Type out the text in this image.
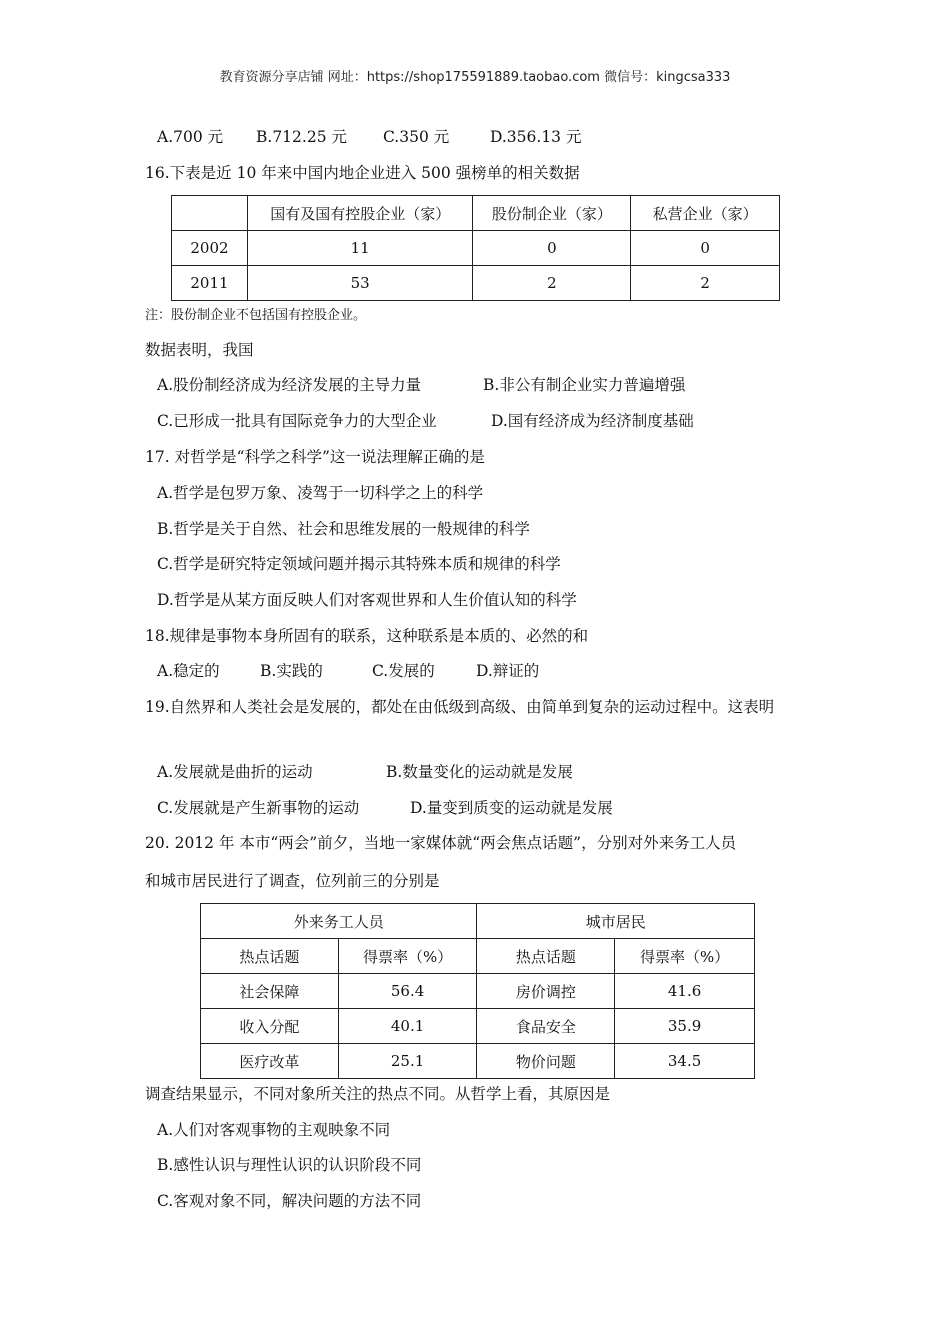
教育资源分享店铺 网址：https://shop175591889.taobao.com 微信号：kingcsa333
A.700 元 B.712.25 元 C.350 元	D.356.13 元
16.下表是近 10 年来中国内地企业进入 500 强榜单的相关数据
	国有及国有控股企业（家）	股份制企业（家）	私营企业（家）
2002	11	0	0
2011	53	2	2
注：股份制企业不包括国有控股企业。
数据表明，我国
A.股份制经济成为经济发展的主导力量	B.非公有制企业实力普遍增强
C.已形成一批具有国际竞争力的大型企业	D.国有经济成为经济制度基础
17. 对哲学是“科学之科学”这一说法理解正确的是
A.哲学是包罗万象、凌驾于一切科学之上的科学
B.哲学是关于自然、社会和思维发展的一般规律的科学
C.哲学是研究特定领域问题并揭示其特殊本质和规律的科学
D.哲学是从某方面反映人们对客观世界和人生价值认知的科学
18.规律是事物本身所固有的联系，这种联系是本质的、必然的和
A.稳定的	B.实践的	C.发展的	D.辩证的
19.自然界和人类社会是发展的，都处在由低级到高级、由简单到复杂的运动过程中。这表明
A.发展就是曲折的运动	B.数量变化的运动就是发展
C.发展就是产生新事物的运动	D.量变到质变的运动就是发展
20. 2012 年 本市“两会”前夕，当地一家媒体就“两会焦点话题”，分别对外来务工人员
和城市居民进行了调查，位列前三的分别是
外来务工人员		城市居民	
热点话题	得票率（%）	热点话题	得票率（%）
社会保障	56.4	房价调控	41.6
收入分配	40.1	食品安全	35.9
医疗改革	25.1	物价问题	34.5
调查结果显示，不同对象所关注的热点不同。从哲学上看，其原因是
A.人们对客观事物的主观映象不同
B.感性认识与理性认识的认识阶段不同
C.客观对象不同，解决问题的方法不同
